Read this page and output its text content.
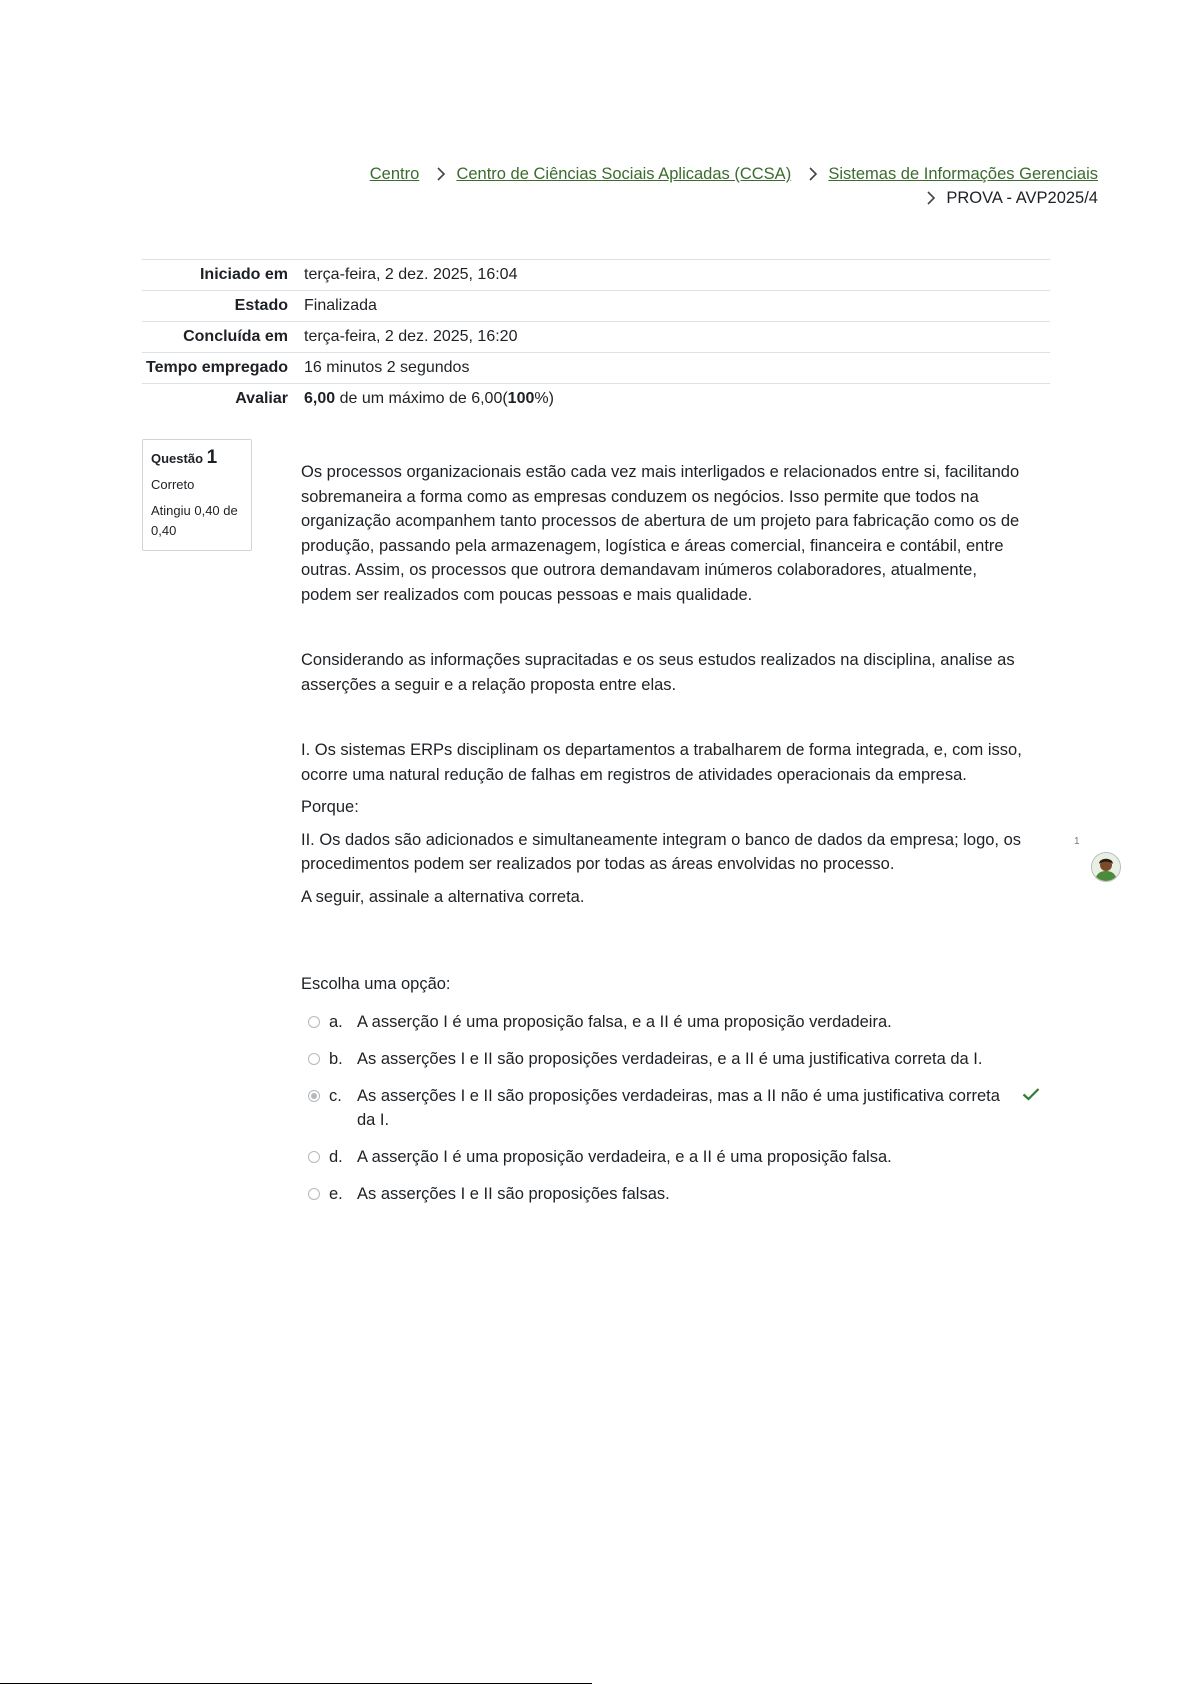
Centro Centro de Ciências Sociais Aplicadas (CCSA) Sistemas de Informações Gerenciais
PROVA - AVP2025/4
Iniciado em	terça-feira, 2 dez. 2025, 16:04
Estado	Finalizada
Concluída em	terça-feira, 2 dez. 2025, 16:20
Tempo empregado	16 minutos 2 segundos
Avaliar	6,00 de um máximo de 6,00(100%)
Questão 1
Correto
Atingiu 0,40 de 0,40

Os processos organizacionais estão cada vez mais interligados e relacionados entre si, facilitando sobremaneira a forma como as empresas conduzem os negócios. Isso permite que todos na organização acompanhem tanto processos de abertura de um projeto para fabricação como os de produção, passando pela armazenagem, logística e áreas comercial, financeira e contábil, entre outras. Assim, os processos que outrora demandavam inúmeros colaboradores, atualmente, podem ser realizados com poucas pessoas e mais qualidade.

Considerando as informações supracitadas e os seus estudos realizados na disciplina, analise as asserções a seguir e a relação proposta entre elas.

I. Os sistemas ERPs disciplinam os departamentos a trabalharem de forma integrada, e, com isso, ocorre uma natural redução de falhas em registros de atividades operacionais da empresa.

Porque:

II. Os dados são adicionados e simultaneamente integram o banco de dados da empresa; logo, os procedimentos podem ser realizados por todas as áreas envolvidas no processo.

A seguir, assinale a alternativa correta.

Escolha uma opção:
a. A asserção I é uma proposição falsa, e a II é uma proposição verdadeira.
b. As asserções I e II são proposições verdadeiras, e a II é uma justificativa correta da I.
c. As asserções I e II são proposições verdadeiras, mas a II não é uma justificativa correta da I.
d. A asserção I é uma proposição verdadeira, e a II é uma proposição falsa.
e. As asserções I e II são proposições falsas.
1
